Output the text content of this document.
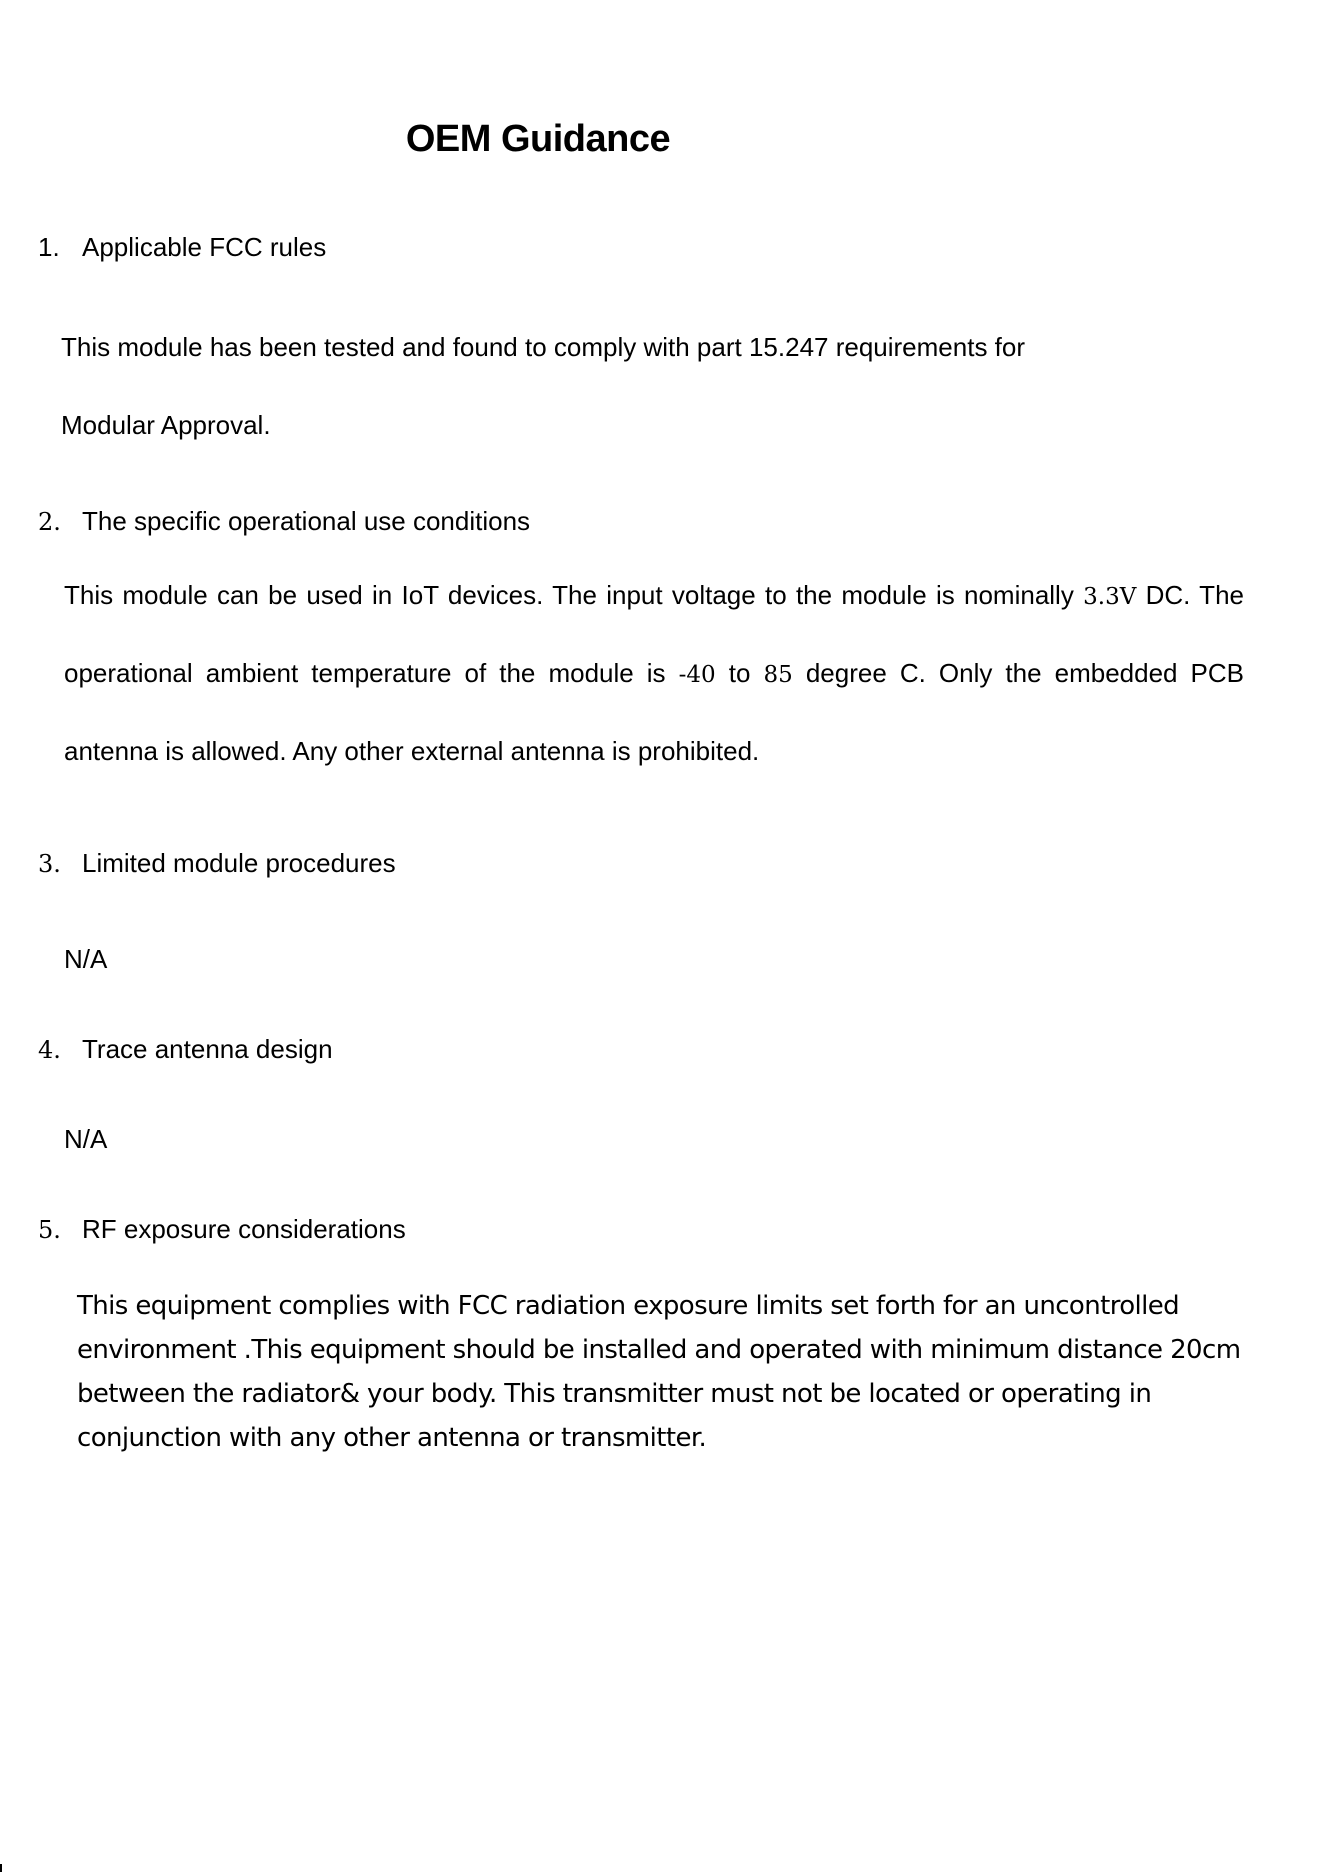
OEM Guidance
1. Applicable FCC rules
This module has been tested and found to comply with part 15.247 requirements for
Modular Approval.
2. The specific operational use conditions
This module can be used in IoT devices. The input voltage to the module is nominally 3.3V DC. The
operational ambient temperature of the module is -40 to 85 degree C. Only the embedded PCB
antenna is allowed. Any other external antenna is prohibited.
3. Limited module procedures
N/A
4. Trace antenna design
N/A
5. RF exposure considerations
This equipment complies with FCC radiation exposure limits set forth for an uncontrolled
environment .This equipment should be installed and operated with minimum distance 20cm
between the radiator& your body. This transmitter must not be located or operating in
conjunction with any other antenna or transmitter.
